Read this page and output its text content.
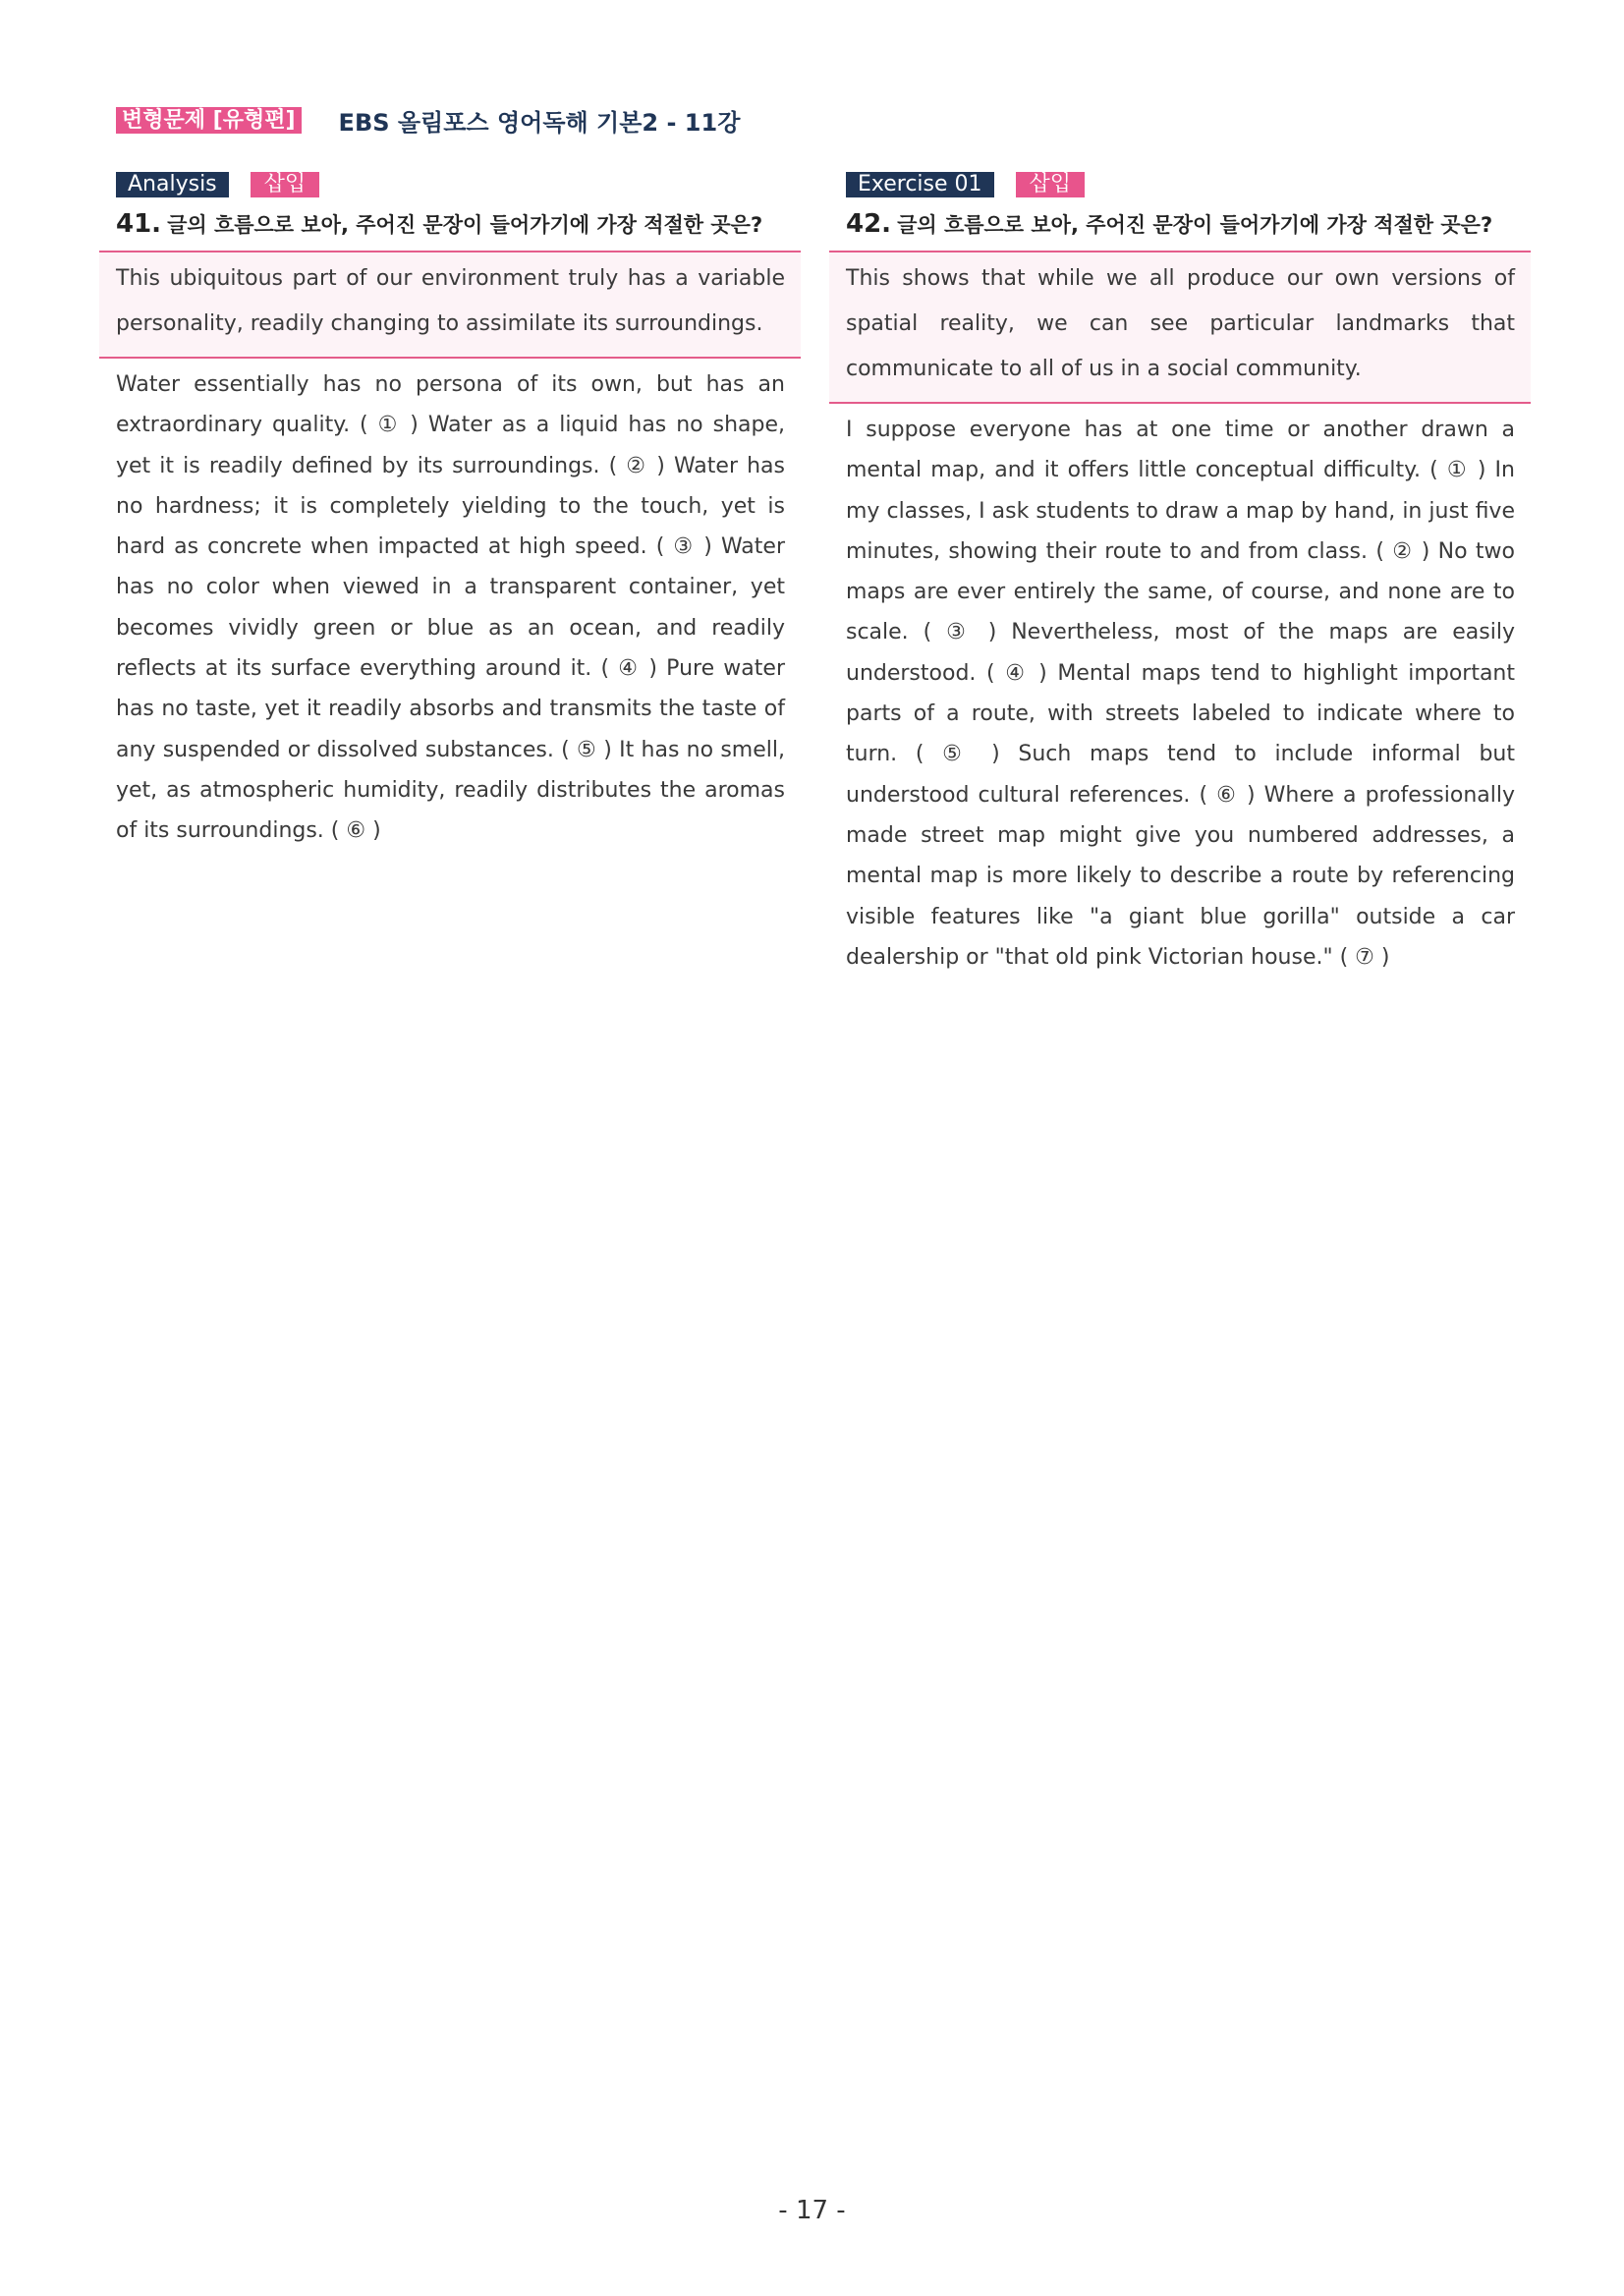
변형문제 [유형편] EBS 올림포스 영어독해 기본2 - 11강
Analysis	삽입
41. 글의 흐름으로 보아, 주어진 문장이 들어가기에 가장 적절한 곳은?

This ubiquitous part of our environment truly has a variable personality, readily changing to assimilate its surroundings.

Water essentially has no persona of its own, but has an extraordinary quality. ( ① ) Water as a liquid has no shape, yet it is readily defined by its surroundings. ( ② ) Water has no hardness; it is completely yielding to the touch, yet is hard as concrete when impacted at high speed. ( ③ ) Water has no color when viewed in a transparent container, yet becomes vividly green or blue as an ocean, and readily reflects at its surface everything around it. ( ④ ) Pure water has no taste, yet it readily absorbs and transmits the taste of any suspended or dissolved substances. ( ⑤ ) It has no smell, yet, as atmospheric humidity, readily distributes the aromas of its surroundings. ( ⑥ )

Exercise 01	삽입
42. 글의 흐름으로 보아, 주어진 문장이 들어가기에 가장 적절한 곳은?

This shows that while we all produce our own versions of spatial reality, we can see particular landmarks that communicate to all of us in a social community.

I suppose everyone has at one time or another drawn a mental map, and it offers little conceptual difficulty. ( ① ) In my classes, I ask students to draw a map by hand, in just five minutes, showing their route to and from class. ( ② ) No two maps are ever entirely the same, of course, and none are to scale. ( ③ ) Nevertheless, most of the maps are easily understood. ( ④ ) Mental maps tend to highlight important parts of a route, with streets labeled to indicate where to turn. ( ⑤ ) Such maps tend to include informal but understood cultural references. ( ⑥ ) Where a professionally made street map might give you numbered addresses, a mental map is more likely to describe a route by referencing visible features like "a giant blue gorilla" outside a car dealership or "that old pink Victorian house." ( ⑦ )

- 17 -
